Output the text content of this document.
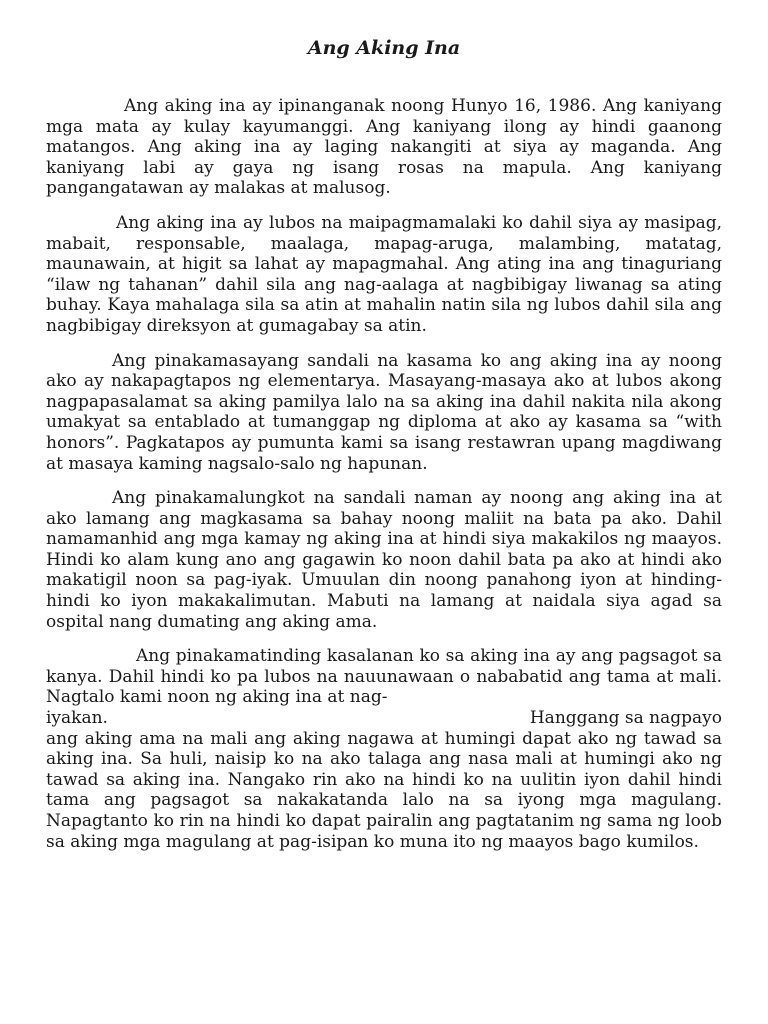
Ang Aking Ina

Ang aking ina ay ipinanganak noong Hunyo 16, 1986. Ang kaniyang mga mata ay kulay kayumanggi. Ang kaniyang ilong ay hindi gaanong matangos. Ang aking ina ay laging nakangiti at siya ay maganda. Ang kaniyang labi ay gaya ng isang rosas na mapula. Ang kaniyang pangangatawan ay malakas at malusog.

Ang aking ina ay lubos na maipagmamalaki ko dahil siya ay masipag, mabait, responsable, maalaga, mapag-aruga, malambing, matatag, maunawain, at higit sa lahat ay mapagmahal. Ang ating ina ang tinaguriang “ilaw ng tahanan” dahil sila ang nag-aalaga at nagbibigay liwanag sa ating buhay. Kaya mahalaga sila sa atin at mahalin natin sila ng lubos dahil sila ang nagbibigay direksyon at gumagabay sa atin.

Ang pinakamasayang sandali na kasama ko ang aking ina ay noong ako ay nakapagtapos ng elementarya. Masayang-masaya ako at lubos akong nagpapasalamat sa aking pamilya lalo na sa aking ina dahil nakita nila akong umakyat sa entablado at tumanggap ng diploma at ako ay kasama sa “with honors”. Pagkatapos ay pumunta kami sa isang restawran upang magdiwang at masaya kaming nagsalo-salo ng hapunan.

Ang pinakamalungkot na sandali naman ay noong ang aking ina at ako lamang ang magkasama sa bahay noong maliit na bata pa ako. Dahil namamanhid ang mga kamay ng aking ina at hindi siya makakilos ng maayos. Hindi ko alam kung ano ang gagawin ko noon dahil bata pa ako at hindi ako makatigil noon sa pag-iyak. Umuulan din noong panahong iyon at hinding-hindi ko iyon makakalimutan. Mabuti na lamang at naidala siya agad sa ospital nang dumating ang aking ama.

Ang pinakamatinding kasalanan ko sa aking ina ay ang pagsagot sa kanya. Dahil hindi ko pa lubos na nauunawaan o nababatid ang tama at mali. Nagtalo kami noon ng aking ina at nag-
iyakan.	Hanggang sa nagpayo
ang aking ama na mali ang aking nagawa at humingi dapat ako ng tawad sa aking ina. Sa huli, naisip ko na ako talaga ang nasa mali at humingi ako ng tawad sa aking ina. Nangako rin ako na hindi ko na uulitin iyon dahil hindi tama ang pagsagot sa nakakatanda lalo na sa iyong mga magulang. Napagtanto ko rin na hindi ko dapat pairalin ang pagtatanim ng sama ng loob sa aking mga magulang at pag-isipan ko muna ito ng maayos bago kumilos.
